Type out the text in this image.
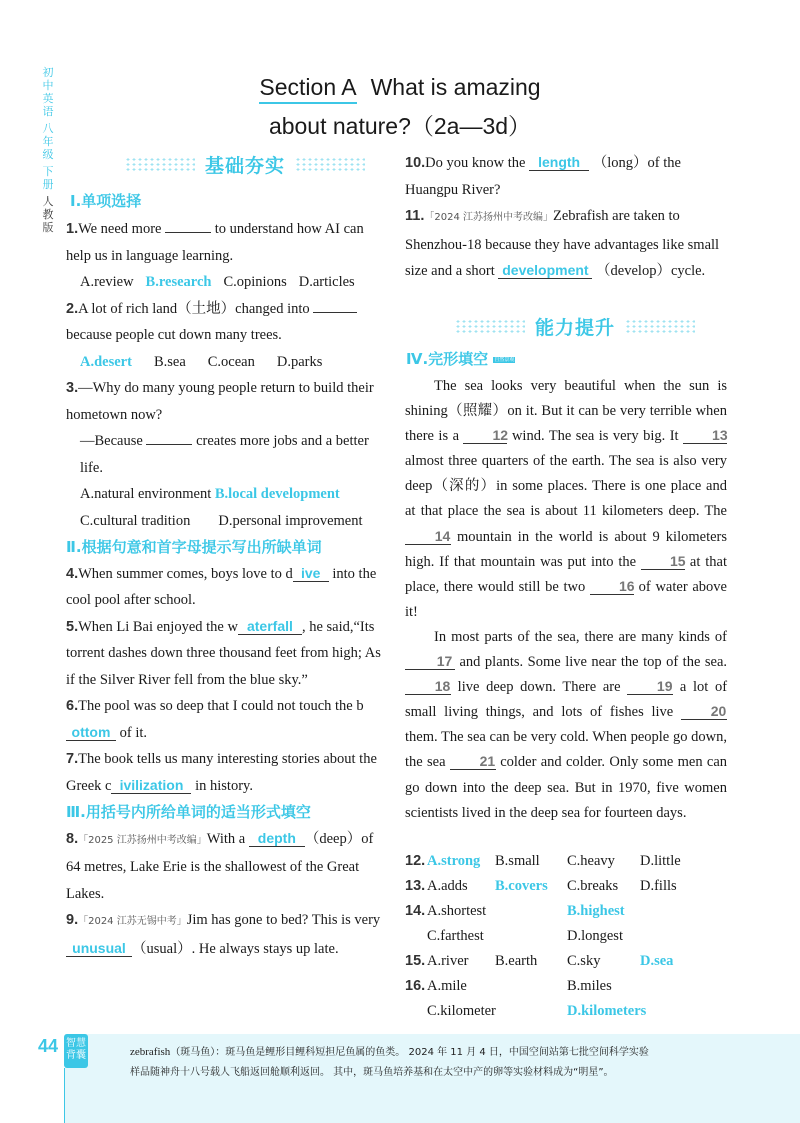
初
中
英
语
八
年
级
下
册
人
教
版
Section A What is amazing
about nature?（2a—3d）
基础夯实
Ⅰ.单项选择
1.We need more	to understand how AI can help us in language learning.
A.review B.research C.opinions D.articles
2.A lot of rich land（土地）changed into  because people cut down many trees.
A.desert B.sea C.ocean D.parks
3.—Why do many young people return to build their hometown now?
—Because	creates more jobs and a better life.
A.natural environment B.local development
C.cultural tradition D.personal improvement
Ⅱ.根据句意和首字母提示写出所缺单词
4.When summer comes, boys love to d ive into the cool pool after school.
5.When Li Bai enjoyed the w aterfall , he said,“Its torrent dashes down three thousand feet from high; As if the Silver River fell from the blue sky.”
6.The pool was so deep that I could not touch the bottom of it.
7.The book tells us many interesting stories about the Greek c ivilization in history.
Ⅲ.用括号内所给单词的适当形式填空
8.「2025 江苏扬州中考改编」With a depth （deep）of 64 metres, Lake Erie is the shallowest of the Great Lakes.
9.「2024 江苏无锡中考」Jim has gone to bed? This is very unusual （usual）. He always stays up late.
10.Do you know the length （long）of the Huangpu River?
11.「2024 江苏扬州中考改编」Zebrafish are taken to Shenzhou-18 because they have advantages like small size and a short development （develop）cycle.
能力提升
Ⅳ.完形填空 自然景观

The sea looks very beautiful when the sun is shining（照耀）on it. But it can be very terrible when there is a 12 wind. The sea is very big. It 13 almost three quarters of the earth. The sea is also very deep（深的）in some places. There is one place and at that place the sea is about 11 kilometers deep. The 14 mountain in the world is about 9 kilometers high. If that mountain was put into the 15 at that place, there would still be two 16 of water above it!

In most parts of the sea, there are many kinds of 17 and plants. Some live near the top of the sea. 18 live deep down. There are	19 a lot of small living things, and lots of fishes live	20 them. The sea can be very cold. When people go down, the sea 21 colder and colder. Only some men can go down into the deep sea. But in 1970, five women scientists lived in the deep sea for fourteen days.

12. A.strong B.small C.heavy D.little
13. A.adds B.covers C.breaks D.fills
14. A.shortest	B.highest
C.farthest	D.longest
15. A.river B.earth C.sky	D.sea
16. A.mile	B.miles
C.kilometer	D.kilometers
44 智慧背囊	zebrafish（斑马鱼）：斑马鱼是鲤形目鲤科短担尼鱼属的鱼类。 2024 年 11 月 4 日，中国空间站第七批空间科学实验
样品随神舟十八号载人飞船返回舱顺利返回。 其中，斑马鱼培养基和在太空中产的卵等实验材料成为“明星”。
